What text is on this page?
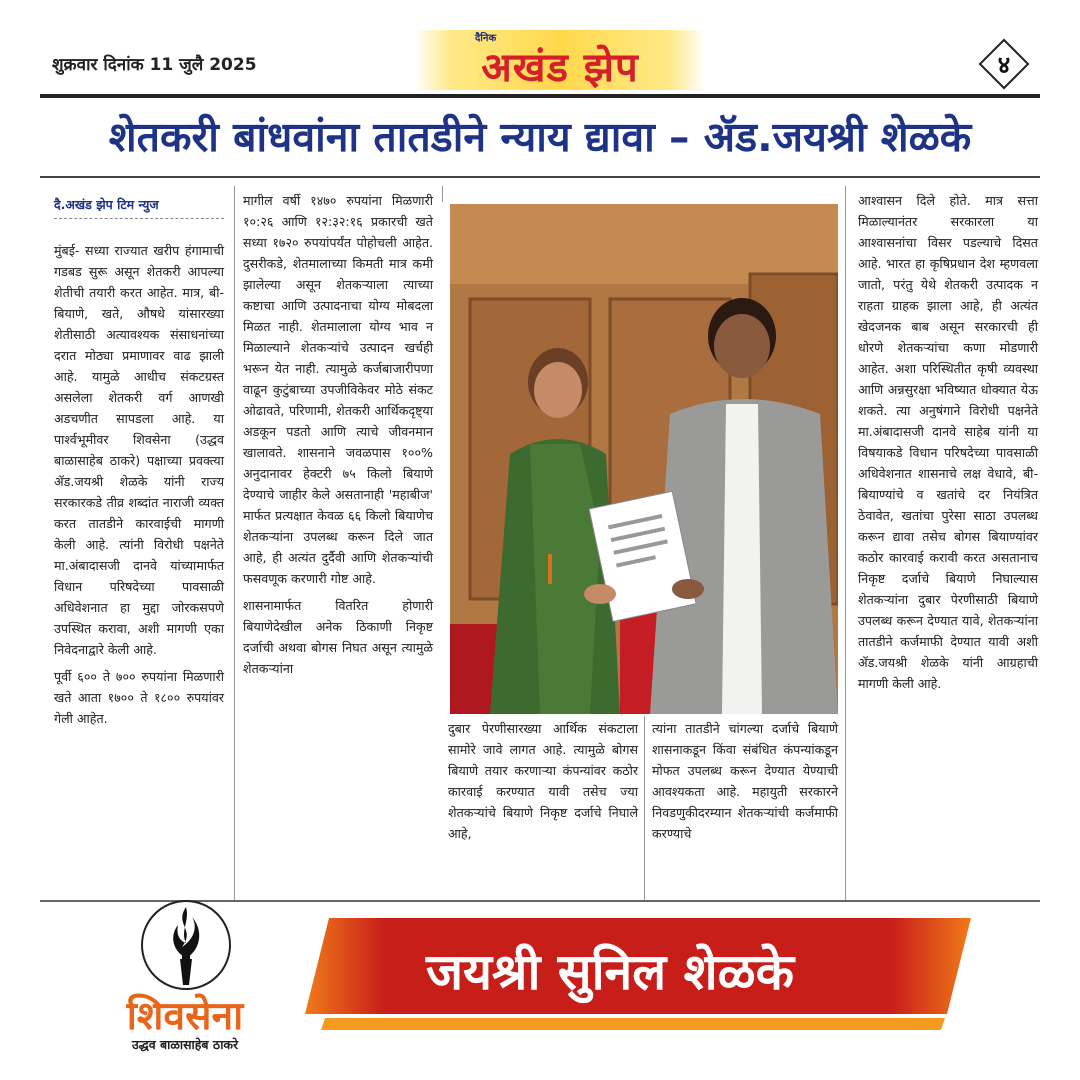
शुक्रवार दिनांक 11 जुलै 2025
दैनिक
अखंड झेप	४
शेतकरी बांधवांना तातडीने न्याय द्यावा – ॲड.जयश्री शेळके
दै.अखंड झेप टिम न्युज

मुंबई- सध्या राज्यात खरीप हंगामाची गडबड सुरू असून शेतकरी आपल्या शेतीची तयारी करत आहेत. मात्र, बी-बियाणे, खते, औषधे यांसारख्या शेतीसाठी अत्यावश्यक संसाधनांच्या दरात मोठ्या प्रमाणावर वाढ झाली आहे. यामुळे आधीच संकटग्रस्त असलेला शेतकरी वर्ग आणखी अडचणीत सापडला आहे. या पार्श्वभूमीवर शिवसेना (उद्धव बाळासाहेब ठाकरे) पक्षाच्या प्रवक्त्या ॲड.जयश्री शेळके यांनी राज्य सरकारकडे तीव्र शब्दांत नाराजी व्यक्त करत तातडीने कारवाईची मागणी केली आहे. त्यांनी विरोधी पक्षनेते मा.अंबादासजी दानवे यांच्यामार्फत विधान परिषदेच्या पावसाळी अधिवेशनात हा मुद्दा जोरकसपणे उपस्थित करावा, अशी मागणी एका निवेदनाद्वारे केली आहे.

पूर्वी ६०० ते ७०० रुपयांना मिळणारी खते आता १७०० ते १८०० रुपयांवर गेली आहेत.

मागील वर्षी १४७० रुपयांना मिळणारी १०:२६ आणि १२:३२:१६ प्रकारची खते सध्या १७२० रुपयांपर्यंत पोहोचली आहेत. दुसरीकडे, शेतमालाच्या किमती मात्र कमी झालेल्या असून शेतकऱ्याला त्याच्या कष्टाचा आणि उत्पादनाचा योग्य मोबदला मिळत नाही. शेतमालाला योग्य भाव न मिळाल्याने शेतकऱ्यांचे उत्पादन खर्चही भरून येत नाही. त्यामुळे कर्जबाजारीपणा वाढून कुटुंबाच्या उपजीविकेवर मोठे संकट ओढावते, परिणामी, शेतकरी आर्थिकदृष्ट्या अडकून पडतो आणि त्याचे जीवनमान खालावते. शासनाने जवळपास १००% अनुदानावर हेक्टरी ७५ किलो बियाणे देण्याचे जाहीर केले असतानाही 'महाबीज' मार्फत प्रत्यक्षात केवळ ६६ किलो बियाणेच शेतकऱ्यांना उपलब्ध करून दिले जात आहे, ही अत्यंत दुर्दैवी आणि शेतकऱ्यांची फसवणूक करणारी गोष्ट आहे.

शासनामार्फत वितरित होणारी बियाणेदेखील अनेक ठिकाणी निकृष्ट दर्जाची अथवा बोगस निघत असून त्यामुळे शेतकऱ्यांना

दुबार पेरणीसारख्या आर्थिक संकटाला सामोरे जावे लागत आहे. त्यामुळे बोगस बियाणे तयार करणाऱ्या कंपन्यांवर कठोर कारवाई करण्यात यावी तसेच ज्या शेतकऱ्यांचे बियाणे निकृष्ट दर्जाचे निघाले आहे,

त्यांना तातडीने चांगल्या दर्जाचे बियाणे शासनाकडून किंवा संबंधित कंपन्यांकडून मोफत उपलब्ध करून देण्यात येण्याची आवश्यकता आहे. महायुती सरकारने निवडणुकीदरम्यान शेतकऱ्यांची कर्जमाफी करण्याचे

आश्वासन दिले होते. मात्र सत्ता मिळाल्यानंतर सरकारला या आश्वासनांचा विसर पडल्याचे दिसत आहे. भारत हा कृषिप्रधान देश म्हणवला जातो, परंतु येथे शेतकरी उत्पादक न राहता ग्राहक झाला आहे, ही अत्यंत खेदजनक बाब असून सरकारची ही धोरणे शेतकऱ्यांचा कणा मोडणारी आहेत. अशा परिस्थितीत कृषी व्यवस्था आणि अन्नसुरक्षा भविष्यात धोक्यात येऊ शकते. त्या अनुषंगाने विरोधी पक्षनेते मा.अंबादासजी दानवे साहेब यांनी या विषयाकडे विधान परिषदेच्या पावसाळी अधिवेशनात शासनाचे लक्ष वेधावे, बी-बियाण्यांचे व खतांचे दर नियंत्रित ठेवावेत, खतांचा पुरेसा साठा उपलब्ध करून द्यावा तसेच बोगस बियाण्यांवर कठोर कारवाई करावी करत असतानाच निकृष्ट दर्जाचे बियाणे निघाल्यास शेतकऱ्यांना दुबार पेरणीसाठी बियाणे उपलब्ध करून देण्यात यावे, शेतकऱ्यांना तातडीने कर्जमाफी देण्यात यावी अशी ॲड.जयश्री शेळके यांनी आग्रहाची मागणी केली आहे.

जयश्री सुनिल शेळके
शिवसेना
उद्धव बाळासाहेब ठाकरे
